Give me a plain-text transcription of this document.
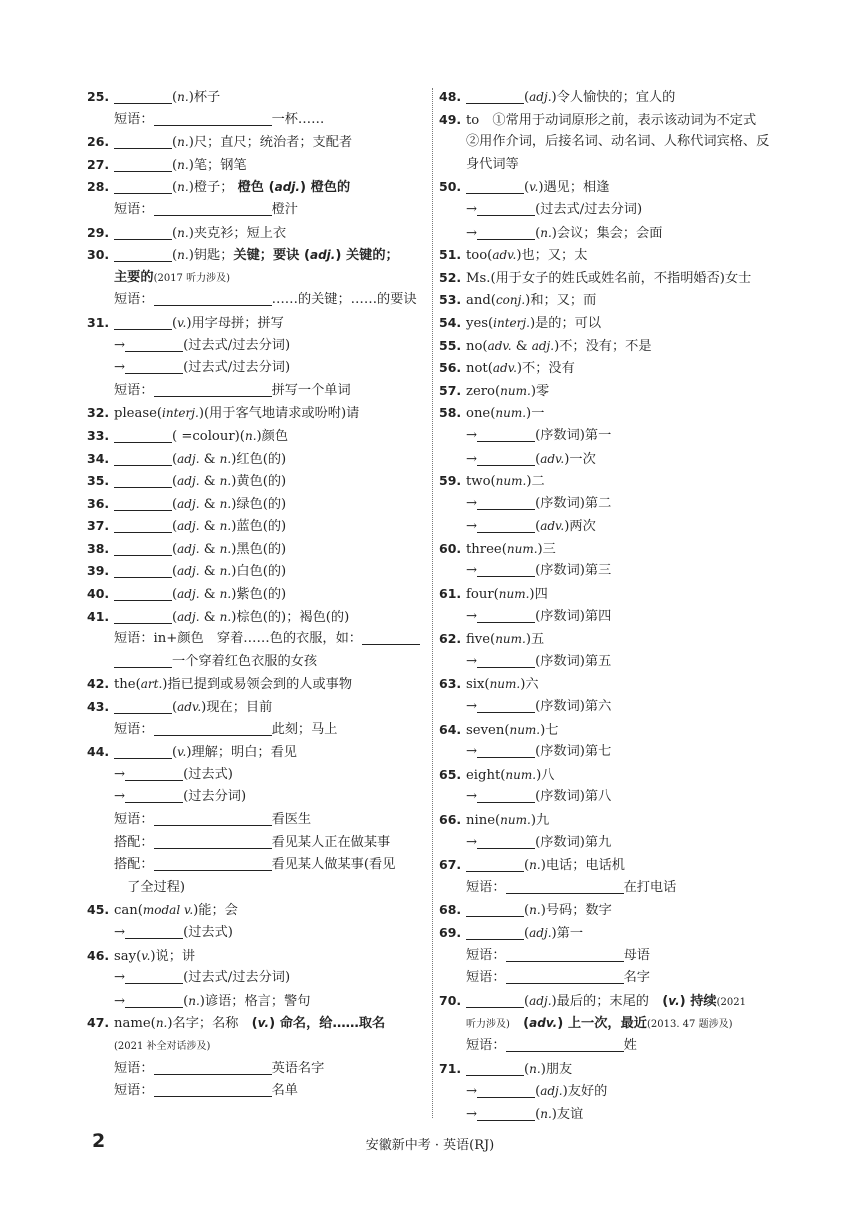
25.	(n.)杯子
短语：	一杯……
26.	(n.)尺；直尺；统治者；支配者
27.	(n.)笔；钢笔
28.	(n.)橙子； 橙色 (adj.) 橙色的
短语：	橙汁
29.	(n.)夹克衫；短上衣
30.	(n.)钥匙；关键；要诀 (adj.) 关键的；
主要的(2017 听力涉及)
短语：	……的关键；……的要诀
31.	(v.)用字母拼；拼写
→	(过去式/过去分词)
→	(过去式/过去分词)
短语：	拼写一个单词
32. please(interj.)(用于客气地请求或吩咐)请
33.	( =colour)(n.)颜色
34.	(adj. & n.)红色(的)
35.	(adj. & n.)黄色(的)
36.	(adj. & n.)绿色(的)
37.	(adj. & n.)蓝色(的)
38.	(adj. & n.)黑色(的)
39.	(adj. & n.)白色(的)
40.	(adj. & n.)紫色(的)
41.	(adj. & n.)棕色(的)；褐色(的)
短语：in+颜色　穿着……色的衣服，如：
一个穿着红色衣服的女孩
42. the(art.)指已提到或易领会到的人或事物
43.	(adv.)现在；目前
短语：	此刻；马上
44.	(v.)理解；明白；看见
→	(过去式)
→	(过去分词)
短语：	看医生
搭配：	看见某人正在做某事
搭配：	看见某人做某事(看见
　了全过程)
45. can(modal v.)能；会
→	(过去式)
46. say(v.)说；讲
→	(过去式/过去分词)
→	(n.)谚语；格言；警句
47. name(n.)名字；名称　(v.) 命名，给……取名
(2021 补全对话涉及)
短语：	英语名字
短语：	名单
48.	(adj.)令人愉快的；宜人的
49. to　①常用于动词原形之前，表示该动词为不定式
②用作介词，后接名词、动名词、人称代词宾格、反
身代词等
50.	(v.)遇见；相逢
→	(过去式/过去分词)
→	(n.)会议；集会；会面
51. too(adv.)也；又；太
52. Ms.(用于女子的姓氏或姓名前，不指明婚否)女士
53. and(conj.)和；又；而
54. yes(interj.)是的；可以
55. no(adv. & adj.)不；没有；不是
56. not(adv.)不；没有
57. zero(num.)零
58. one(num.)一
→	(序数词)第一
→	(adv.)一次
59. two(num.)二
→	(序数词)第二
→	(adv.)两次
60. three(num.)三
→	(序数词)第三
61. four(num.)四
→	(序数词)第四
62. five(num.)五
→	(序数词)第五
63. six(num.)六
→	(序数词)第六
64. seven(num.)七
→	(序数词)第七
65. eight(num.)八
→	(序数词)第八
66. nine(num.)九
→	(序数词)第九
67.	(n.)电话；电话机
短语：	在打电话
68.	(n.)号码；数字
69.	(adj.)第一
短语：	母语
短语：	名字
70.	(adj.)最后的；末尾的　(v.) 持续(2021
听力涉及)　 (adv.) 上一次，最近(2013. 47 题涉及)
短语：	姓
71.	(n.)朋友
→	(adj.)友好的
→	(n.)友谊
2	安徽新中考 · 英语(RJ)
